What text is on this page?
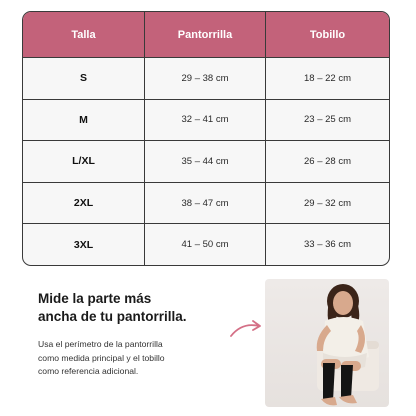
Talla	Pantorrilla	Tobillo
S	29 – 38 cm	18 – 22 cm
M	32 – 41 cm	23 – 25 cm
L/XL	35 – 44 cm	26 – 28 cm
2XL	38 – 47 cm	29 – 32 cm
3XL	41 – 50 cm	33 – 36 cm
Mide la parte más
ancha de tu pantorrilla.
Usa el perímetro de la pantorrilla
como medida principal y el tobillo
como referencia adicional.
